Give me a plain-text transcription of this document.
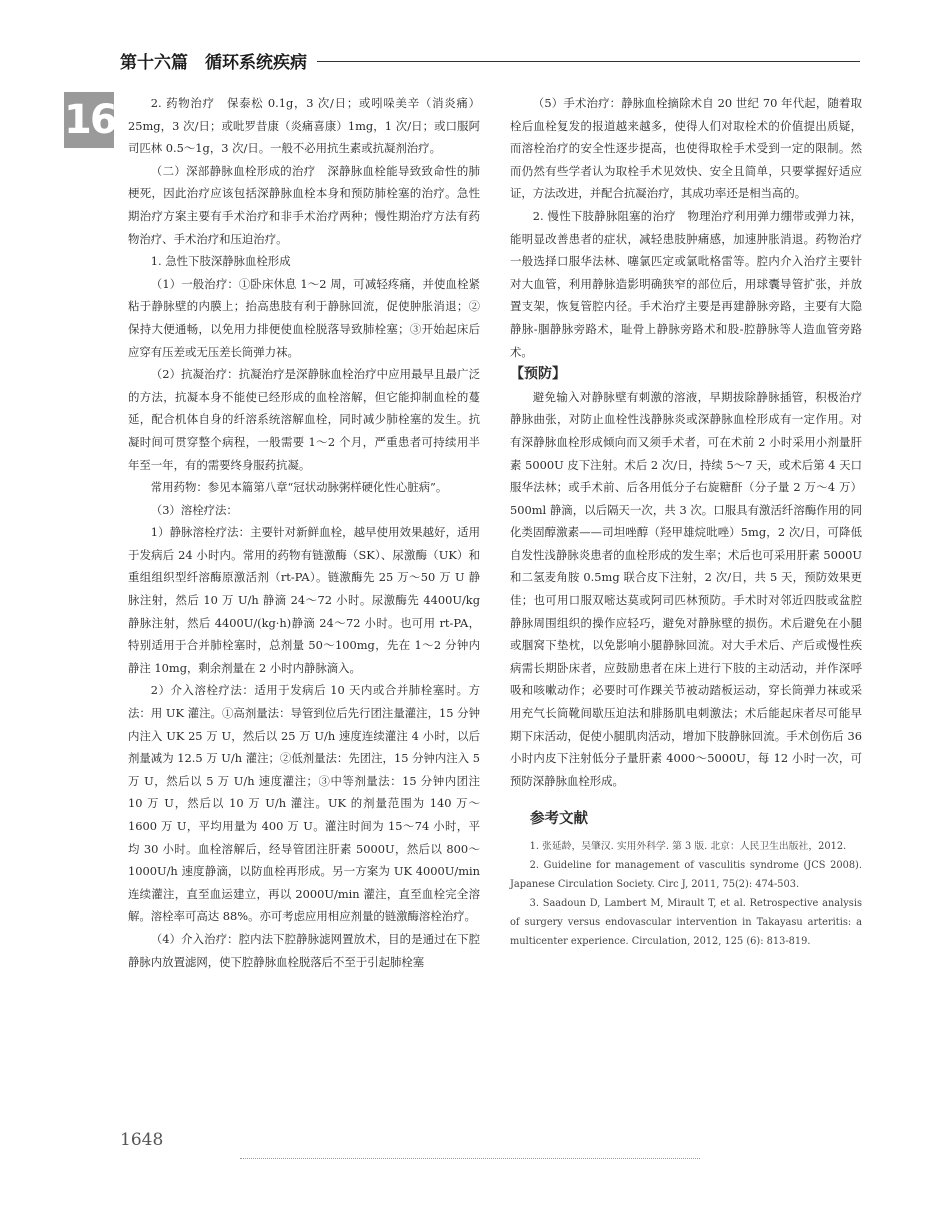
第十六篇　循环系统疾病
16	2. 药物治疗　保泰松 0.1g，3 次/日；或吲哚美辛（消炎痛）25mg，3 次/日；或吡罗昔康（炎痛喜康）1mg，1 次/日；或口服阿司匹林 0.5～1g，3 次/日。一般不必用抗生素或抗凝剂治疗。

（二）深部静脉血栓形成的治疗　深静脉血栓能导致致命性的肺梗死，因此治疗应该包括深静脉血栓本身和预防肺栓塞的治疗。急性期治疗方案主要有手术治疗和非手术治疗两种；慢性期治疗方法有药物治疗、手术治疗和压迫治疗。

1. 急性下肢深静脉血栓形成

（1）一般治疗：①卧床休息 1～2 周，可减轻疼痛，并使血栓紧粘于静脉壁的内膜上；抬高患肢有利于静脉回流，促使肿胀消退；②保持大便通畅，以免用力排便使血栓脱落导致肺栓塞；③开始起床后应穿有压差或无压差长筒弹力袜。

（2）抗凝治疗：抗凝治疗是深静脉血栓治疗中应用最早且最广泛的方法，抗凝本身不能使已经形成的血栓溶解，但它能抑制血栓的蔓延，配合机体自身的纤溶系统溶解血栓，同时减少肺栓塞的发生。抗凝时间可贯穿整个病程，一般需要 1～2 个月，严重患者可持续用半年至一年，有的需要终身服药抗凝。

常用药物：参见本篇第八章“冠状动脉粥样硬化性心脏病”。

（3）溶栓疗法：

1）静脉溶栓疗法：主要针对新鲜血栓，越早使用效果越好，适用于发病后 24 小时内。常用的药物有链激酶（SK）、尿激酶（UK）和重组组织型纤溶酶原激活剂（rt-PA）。链激酶先 25 万～50 万 U 静脉注射，然后 10 万 U/h 静滴 24～72 小时。尿激酶先 4400U/kg 静脉注射，然后 4400U/(kg·h)静滴 24～72 小时。也可用 rt-PA，特别适用于合并肺栓塞时，总剂量 50～100mg，先在 1～2 分钟内静注 10mg，剩余剂量在 2 小时内静脉滴入。

2）介入溶栓疗法：适用于发病后 10 天内或合并肺栓塞时。方法：用 UK 灌注。①高剂量法：导管到位后先行团注量灌注，15 分钟内注入 UK 25 万 U，然后以 25 万 U/h 速度连续灌注 4 小时，以后剂量减为 12.5 万 U/h 灌注；②低剂量法：先团注，15 分钟内注入 5 万 U，然后以 5 万 U/h 速度灌注；③中等剂量法：15 分钟内团注 10 万 U，然后以 10 万 U/h 灌注。UK 的剂量范围为 140 万～1600 万 U，平均用量为 400 万 U。灌注时间为 15～74 小时，平均 30 小时。血栓溶解后，经导管团注肝素 5000U，然后以 800～1000U/h 速度静滴，以防血栓再形成。另一方案为 UK 4000U/min 连续灌注，直至血运建立，再以 2000U/min 灌注，直至血栓完全溶解。溶栓率可高达 88%。亦可考虑应用相应剂量的链激酶溶栓治疗。

（4）介入治疗：腔内法下腔静脉滤网置放术，目的是通过在下腔静脉内放置滤网，使下腔静脉血栓脱落后不至于引起肺栓塞

（5）手术治疗：静脉血栓摘除术自 20 世纪 70 年代起，随着取栓后血栓复发的报道越来越多，使得人们对取栓术的价值提出质疑，而溶栓治疗的安全性逐步提高，也使得取栓手术受到一定的限制。然而仍然有些学者认为取栓手术见效快、安全且简单，只要掌握好适应证，方法改进，并配合抗凝治疗，其成功率还是相当高的。

2. 慢性下肢静脉阻塞的治疗　物理治疗利用弹力绷带或弹力袜，能明显改善患者的症状，减轻患肢肿痛感，加速肿胀消退。药物治疗一般选择口服华法林、噻氯匹定或氯吡格雷等。腔内介入治疗主要针对大血管，利用静脉造影明确狭窄的部位后，用球囊导管扩张，并放置支架，恢复管腔内径。手术治疗主要是再建静脉旁路，主要有大隐静脉-腘静脉旁路术，耻骨上静脉旁路术和股-腔静脉等人造血管旁路术。

【预防】

避免输入对静脉壁有刺激的溶液，早期拔除静脉插管，积极治疗静脉曲张，对防止血栓性浅静脉炎或深静脉血栓形成有一定作用。对有深静脉血栓形成倾向而又须手术者，可在术前 2 小时采用小剂量肝素 5000U 皮下注射。术后 2 次/日，持续 5～7 天，或术后第 4 天口服华法林；或手术前、后各用低分子右旋糖酐（分子量 2 万～4 万）500ml 静滴，以后隔天一次，共 3 次。口服具有激活纤溶酶作用的同化类固醇激素——司坦唑醇（羟甲雄烷吡唑）5mg，2 次/日，可降低自发性浅静脉炎患者的血栓形成的发生率；术后也可采用肝素 5000U 和二氢麦角胺 0.5mg 联合皮下注射，2 次/日，共 5 天，预防效果更佳；也可用口服双嘧达莫或阿司匹林预防。手术时对邻近四肢或盆腔静脉周围组织的操作应轻巧，避免对静脉壁的损伤。术后避免在小腿或腘窝下垫枕，以免影响小腿静脉回流。对大手术后、产后或慢性疾病需长期卧床者，应鼓励患者在床上进行下肢的主动活动，并作深呼吸和咳嗽动作；必要时可作踝关节被动踏板运动，穿长筒弹力袜或采用充气长筒靴间歇压迫法和腓肠肌电刺激法；术后能起床者尽可能早期下床活动，促使小腿肌肉活动，增加下肢静脉回流。手术创伤后 36 小时内皮下注射低分子量肝素 4000～5000U，每 12 小时一次，可预防深静脉血栓形成。

参考文献

1. 张延龄，吴肇汉. 实用外科学. 第 3 版. 北京：人民卫生出版社，2012.

2. Guideline for management of vasculitis syndrome (JCS 2008). Japanese Circulation Society. Circ J, 2011, 75(2): 474-503.

3. Saadoun D, Lambert M, Mirault T, et al. Retrospective analysis of surgery versus endovascular intervention in Takayasu arteritis: a multicenter experience. Circulation, 2012, 125 (6): 813-819.

1648
